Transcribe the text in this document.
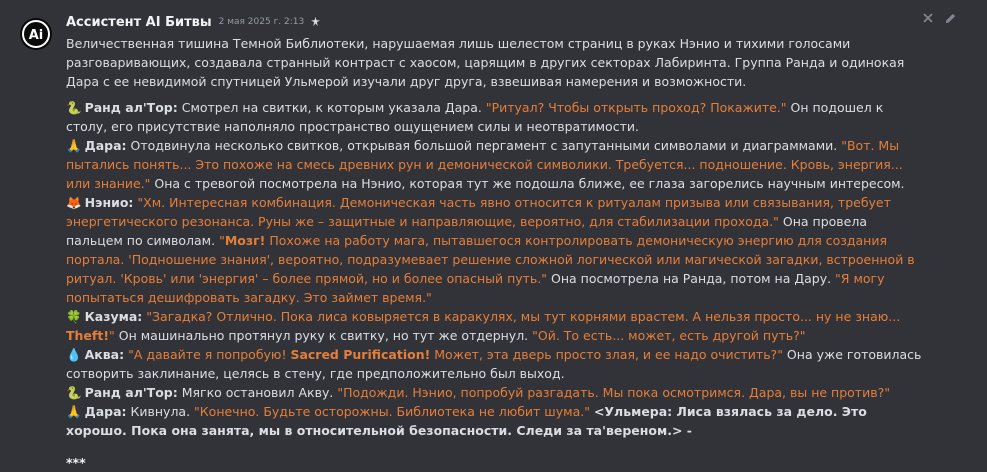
Ai
Ассистент AI Битвы 2 мая 2025 г. 2:13

Величественная тишина Темной Библиотеки, нарушаемая лишь шелестом страниц в руках Нэнио и тихими голосами разговаривающих, создавала странный контраст с хаосом, царящим в других секторах Лабиринта. Группа Ранда и одинокая Дара с ее невидимой спутницей Ульмерой изучали друг друга, взвешивая намерения и возможности.

🐍 Ранд ал'Тор: Смотрел на свитки, к которым указала Дара. "Ритуал? Чтобы открыть проход? Покажите." Он подошел к столу, его присутствие наполняло пространство ощущением силы и неотвратимости.

🙏 Дара: Отодвинула несколько свитков, открывая большой пергамент с запутанными символами и диаграммами. "Вот. Мы пытались понять... Это похоже на смесь древних рун и демонической символики. Требуется... подношение. Кровь, энергия... или знание." Она с тревогой посмотрела на Нэнио, которая тут же подошла ближе, ее глаза загорелись научным интересом.

🦊 Нэнио: "Хм. Интересная комбинация. Демоническая часть явно относится к ритуалам призыва или связывания, требует энергетического резонанса. Руны же – защитные и направляющие, вероятно, для стабилизации прохода." Она провела пальцем по символам. "Мозг! Похоже на работу мага, пытавшегося контролировать демоническую энергию для создания портала. 'Подношение знания', вероятно, подразумевает решение сложной логической или магической загадки, встроенной в ритуал. 'Кровь' или 'энергия' – более прямой, но и более опасный путь." Она посмотрела на Ранда, потом на Дару. "Я могу попытаться дешифровать загадку. Это займет время."

🍀 Казума: "Загадка? Отлично. Пока лиса ковыряется в каракулях, мы тут корнями врастем. А нельзя просто... ну не знаю... Theft!" Он машинально протянул руку к свитку, но тут же отдернул. "Ой. То есть... может, есть другой путь?"

💧 Аква: "А давайте я попробую! Sacred Purification! Может, эта дверь просто злая, и ее надо очистить?" Она уже готовилась сотворить заклинание, целясь в стену, где предположительно был выход.

🐍 Ранд ал'Тор: Мягко остановил Акву. "Подожди. Нэнио, попробуй разгадать. Мы пока осмотримся. Дара, вы не против?"

🙏 Дара: Кивнула. "Конечно. Будьте осторожны. Библиотека не любит шума." <Ульмера: Лиса взялась за дело. Это хорошо. Пока она занята, мы в относительной безопасности. Следи за та'вереном.> -

***
